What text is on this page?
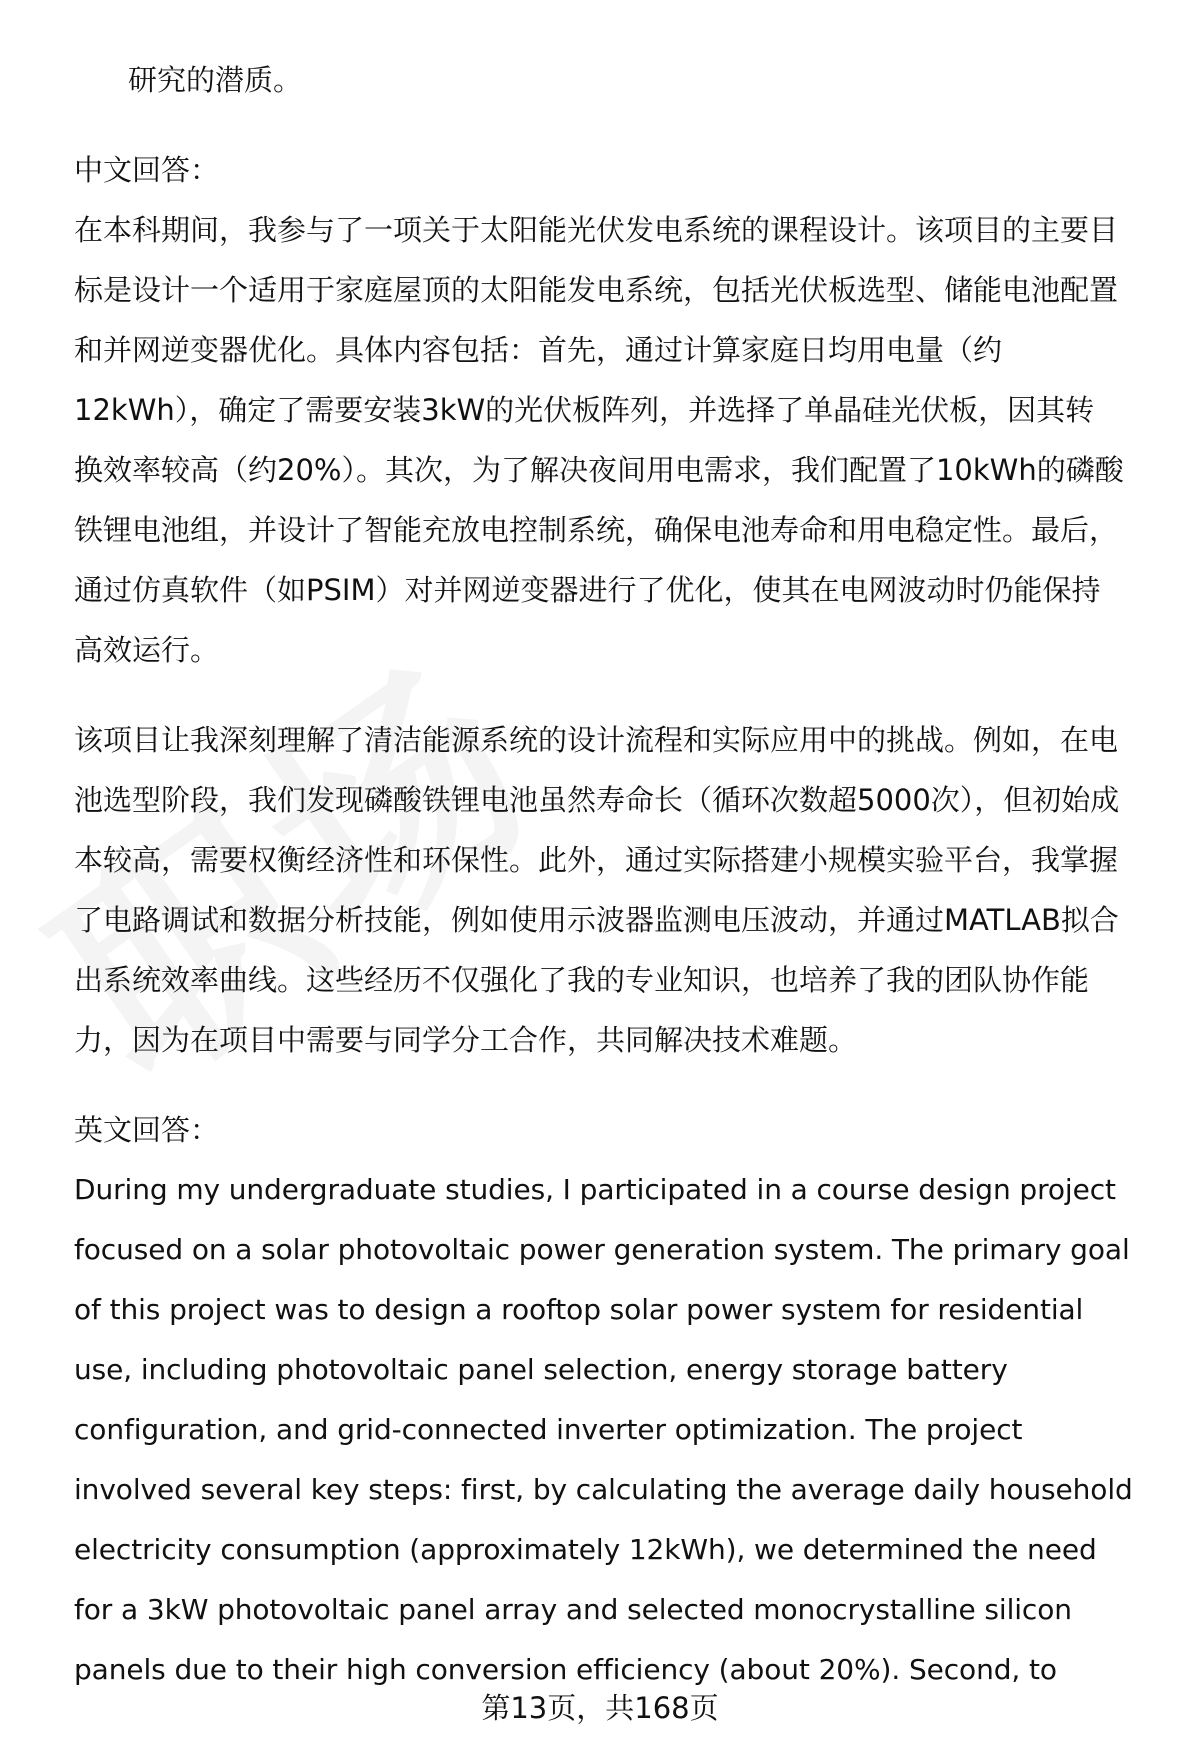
研究的潜质。
中文回答：
在本科期间，我参与了一项关于太阳能光伏发电系统的课程设计。该项目的主要目
标是设计一个适用于家庭屋顶的太阳能发电系统，包括光伏板选型、储能电池配置
和并网逆变器优化。具体内容包括：首先，通过计算家庭日均用电量（约
12kWh），确定了需要安装3kW的光伏板阵列，并选择了单晶硅光伏板，因其转
换效率较高（约20%）。其次，为了解决夜间用电需求，我们配置了10kWh的磷酸
铁锂电池组，并设计了智能充放电控制系统，确保电池寿命和用电稳定性。最后，
通过仿真软件（如PSIM）对并网逆变器进行了优化，使其在电网波动时仍能保持
高效运行。
该项目让我深刻理解了清洁能源系统的设计流程和实际应用中的挑战。例如，在电
池选型阶段，我们发现磷酸铁锂电池虽然寿命长（循环次数超5000次），但初始成
本较高，需要权衡经济性和环保性。此外，通过实际搭建小规模实验平台，我掌握
了电路调试和数据分析技能，例如使用示波器监测电压波动，并通过MATLAB拟合
出系统效率曲线。这些经历不仅强化了我的专业知识，也培养了我的团队协作能
力，因为在项目中需要与同学分工合作，共同解决技术难题。
英文回答：
During my undergraduate studies, I participated in a course design project
focused on a solar photovoltaic power generation system. The primary goal
of this project was to design a rooftop solar power system for residential
use, including photovoltaic panel selection, energy storage battery
configuration, and grid-connected inverter optimization. The project
involved several key steps: first, by calculating the average daily household
electricity consumption (approximately 12kWh), we determined the need
for a 3kW photovoltaic panel array and selected monocrystalline silicon
panels due to their high conversion efficiency (about 20%). Second, to
第13页，共168页
